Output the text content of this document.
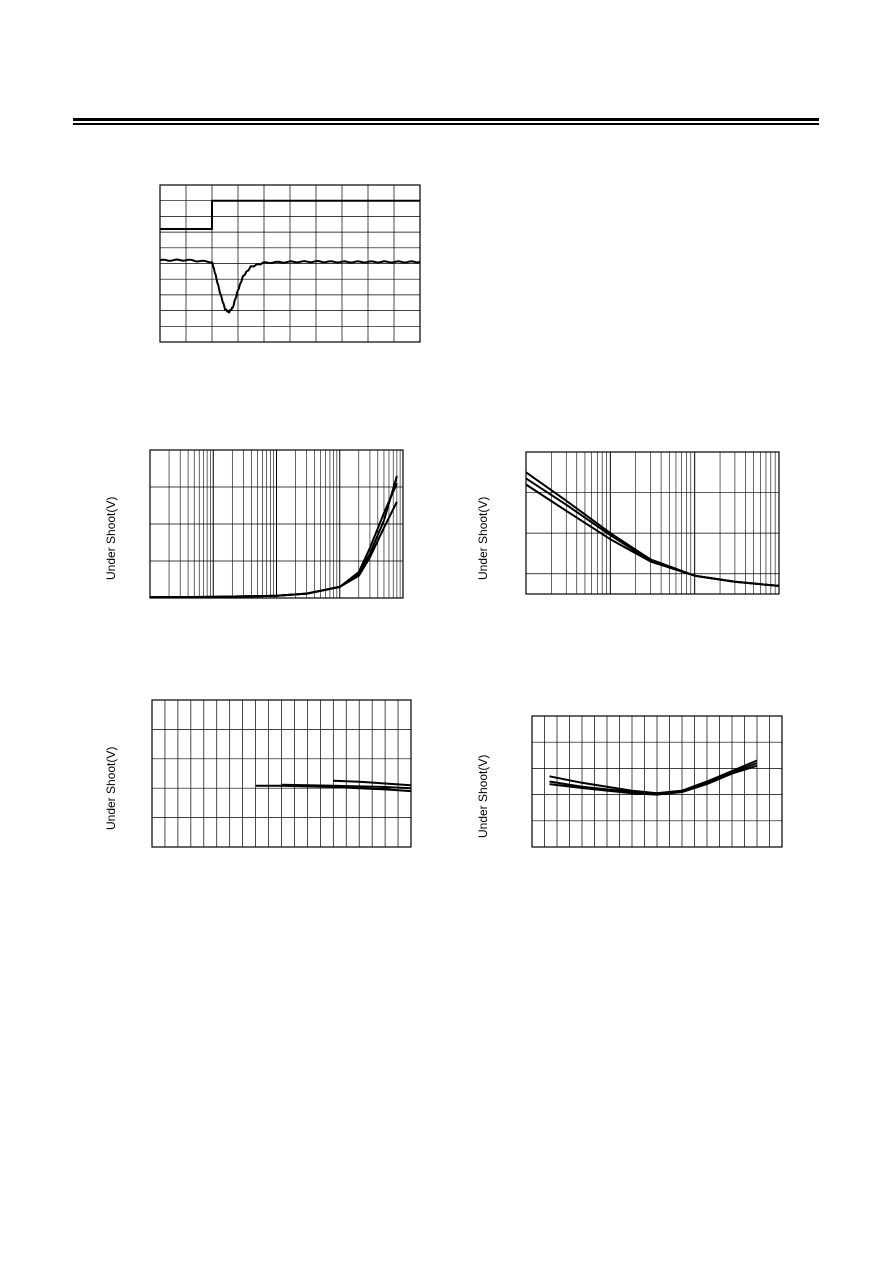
Under Shoot(V)	Under Shoot(V)
Under Shoot(V)	Under Shoot(V)
